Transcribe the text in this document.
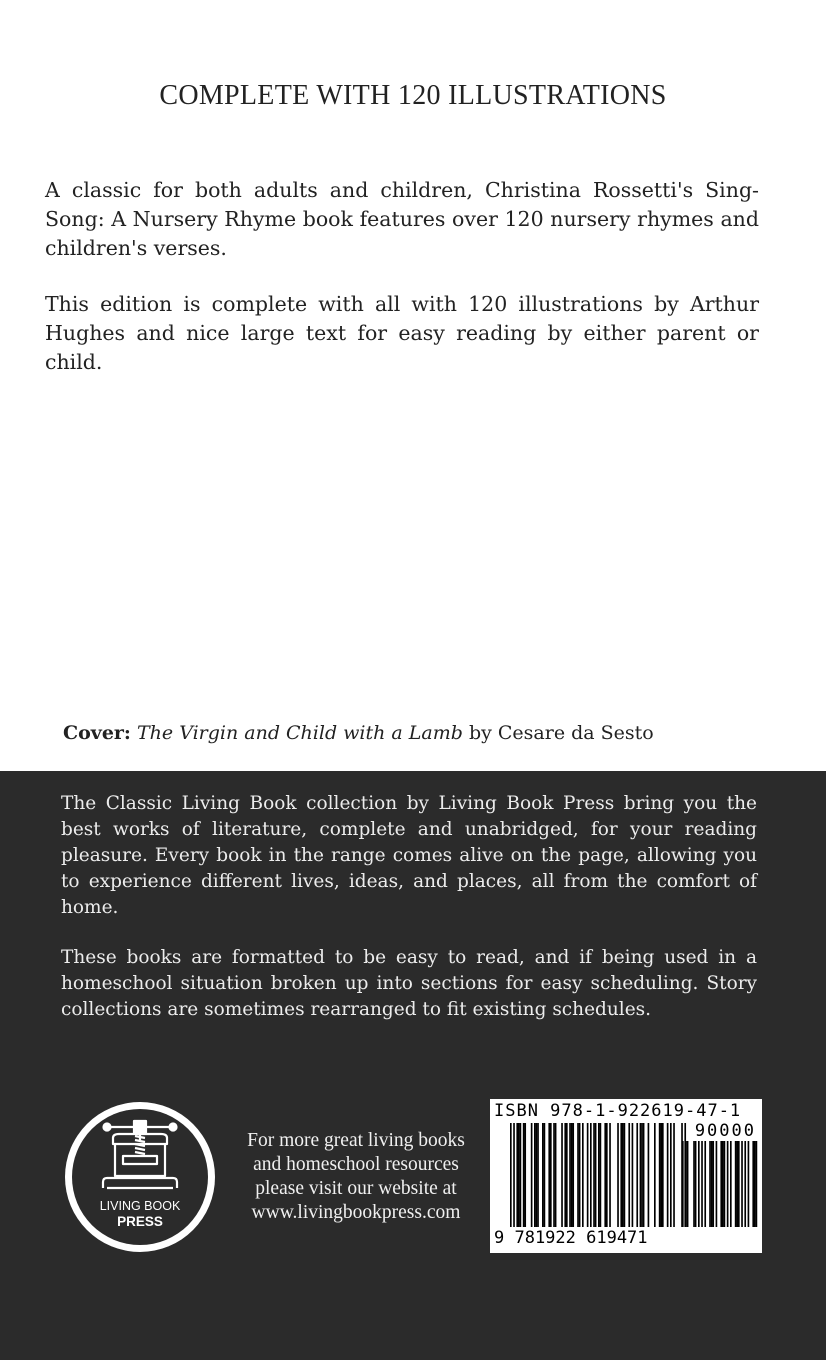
COMPLETE WITH 120 ILLUSTRATIONS
A classic for both adults and children, Christina Rossetti's Sing-Song: A Nursery Rhyme book features over 120 nursery rhymes and children's verses.
This edition is complete with all with 120 illustrations by Arthur Hughes and nice large text for easy reading by either parent or child.
Cover: The Virgin and Child with a Lamb by Cesare da Sesto
The Classic Living Book collection by Living Book Press bring you the best works of literature, complete and unabridged, for your reading pleasure. Every book in the range comes alive on the page, allowing you to experience different lives, ideas, and places, all from the comfort of home.
These books are formatted to be easy to read, and if being used in a homeschool situation broken up into sections for easy scheduling. Story collections are sometimes rearranged to fit existing schedules.
LIVING BOOK
PRESS
For more great living books
and homeschool resources
please visit our website at
www.livingbookpress.com
ISBN 978-1-922619-47-1
90000
9 781922 619471
